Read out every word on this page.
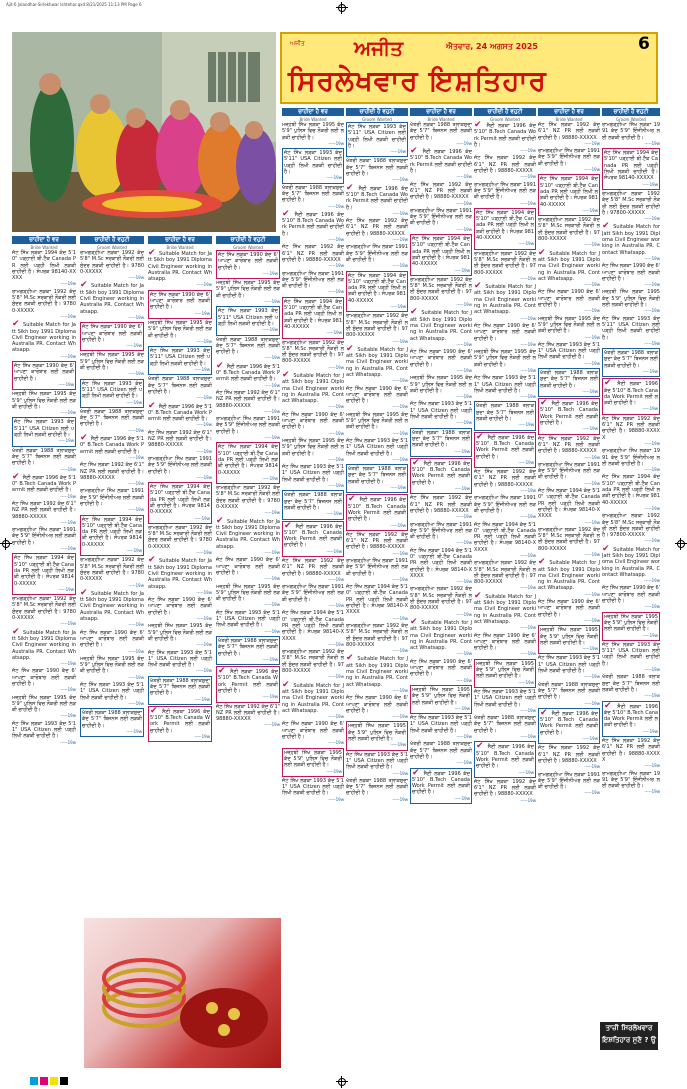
Ajit-6 Jalandhar-Sirlekhwar Ishtehar.qxd 8/21/2025 11:13 PM Page 6
ਅਜੀਤ ਅਜੀਤ	ਐਤਵਾਰ, 24 ਅਗਸਤ 2025	6
ਸਿਰਲੇਖਵਾਰ ਇਸ਼ਤਿਹਾਰ
ਚਾਹੀਦਾ ਹੈ ਵਰ
Bride Wanted
ਜੱਟ ਸਿੱਖ ਲੜਕਾ 1994 ਕੱਦ 5'10" ਪੜ੍ਹਾਈ ਬੀ.ਟੈੱਕ Canada PR ਲਈ ਪੜ੍ਹੀ ਲਿਖੀ ਲੜਕੀ ਚਾਹੀਦੀ ਹੈ। ਸੰਪਰਕ 98140-XXXXX
-----19w
ਰਾਮਗੜ੍ਹੀਆ ਲੜਕਾ 1992 ਕੱਦ 5'8" M.Sc ਸਰਕਾਰੀ ਨੌਕਰੀ ਲਈ ਸੁੰਦਰ ਲੜਕੀ ਚਾਹੀਦੀ ਹੈ। 97800-XXXXX
-----19w
✔ Suitable Match for Jatt Sikh boy 1991 Diploma Civil Engineer working in Australia PR. Contact Whatsapp.
-----19w
ਜੱਟ ਸਿੱਖ ਲੜਕਾ 1990 ਕੱਦ 6' ਆਪਣਾ ਕਾਰੋਬਾਰ ਲਈ ਲੜਕੀ ਚਾਹੀਦੀ ਹੈ।
-----19w
ਮਜ਼੍ਹਬੀ ਸਿੱਖ ਲੜਕਾ 1995 ਕੱਦ 5'9" ਪੁਲਿਸ ਵਿਚ ਨੌਕਰੀ ਲਈ ਲੜਕੀ ਚਾਹੀਦੀ ਹੈ।
-----19w
ਜੱਟ ਸਿੱਖ ਲੜਕਾ 1993 ਕੱਦ 5'11" USA Citizen ਲਈ ਪੜ੍ਹੀ ਲਿਖੀ ਲੜਕੀ ਚਾਹੀਦੀ ਹੈ।
-----19w
ਖੱਤਰੀ ਲੜਕਾ 1988 ਤਲਾਕਸ਼ੁਦਾ ਕੱਦ 5'7" ਬਿਜ਼ਨਸ ਲਈ ਲੜਕੀ ਚਾਹੀਦੀ ਹੈ।
-----19w
✔ ਸੈਣੀ ਲੜਕਾ 1996 ਕੱਦ 5'10" B.Tech Canada Work Permit ਲਈ ਲੜਕੀ ਚਾਹੀਦੀ ਹੈ।
-----19w
ਜੱਟ ਸਿੱਖ ਲੜਕਾ 1992 ਕੱਦ 6'1" NZ PR ਲਈ ਲੜਕੀ ਚਾਹੀਦੀ ਹੈ। 98880-XXXXX
-----19w
ਰਾਮਗੜ੍ਹੀਆ ਸਿੱਖ ਲੜਕਾ 1991 ਕੱਦ 5'9" ਇੰਜੀਨੀਅਰ ਲਈ ਲੜਕੀ ਚਾਹੀਦੀ ਹੈ।
-----19w
ਜੱਟ ਸਿੱਖ ਲੜਕਾ 1994 ਕੱਦ 5'10" ਪੜ੍ਹਾਈ ਬੀ.ਟੈੱਕ Canada PR ਲਈ ਪੜ੍ਹੀ ਲਿਖੀ ਲੜਕੀ ਚਾਹੀਦੀ ਹੈ। ਸੰਪਰਕ 98140-XXXXX
-----19w
ਰਾਮਗੜ੍ਹੀਆ ਲੜਕਾ 1992 ਕੱਦ 5'8" M.Sc ਸਰਕਾਰੀ ਨੌਕਰੀ ਲਈ ਸੁੰਦਰ ਲੜਕੀ ਚਾਹੀਦੀ ਹੈ। 97800-XXXXX
-----19w
✔ Suitable Match for Jatt Sikh boy 1991 Diploma Civil Engineer working in Australia PR. Contact Whatsapp.
-----19w
ਜੱਟ ਸਿੱਖ ਲੜਕਾ 1990 ਕੱਦ 6' ਆਪਣਾ ਕਾਰੋਬਾਰ ਲਈ ਲੜਕੀ ਚਾਹੀਦੀ ਹੈ।
-----19w
ਮਜ਼੍ਹਬੀ ਸਿੱਖ ਲੜਕਾ 1995 ਕੱਦ 5'9" ਪੁਲਿਸ ਵਿਚ ਨੌਕਰੀ ਲਈ ਲੜਕੀ ਚਾਹੀਦੀ ਹੈ।
-----19w
ਜੱਟ ਸਿੱਖ ਲੜਕਾ 1993 ਕੱਦ 5'11" USA Citizen ਲਈ ਪੜ੍ਹੀ ਲਿਖੀ ਲੜਕੀ ਚਾਹੀਦੀ ਹੈ।
-----19w
ਚਾਹੀਦੀ ਹੈ ਵਹੁਟੀ
Groom Wanted
ਰਾਮਗੜ੍ਹੀਆ ਲੜਕਾ 1992 ਕੱਦ 5'8" M.Sc ਸਰਕਾਰੀ ਨੌਕਰੀ ਲਈ ਸੁੰਦਰ ਲੜਕੀ ਚਾਹੀਦੀ ਹੈ। 97800-XXXXX
-----19w
✔ Suitable Match for Jatt Sikh boy 1991 Diploma Civil Engineer working in Australia PR. Contact Whatsapp.
-----19w
ਜੱਟ ਸਿੱਖ ਲੜਕਾ 1990 ਕੱਦ 6' ਆਪਣਾ ਕਾਰੋਬਾਰ ਲਈ ਲੜਕੀ ਚਾਹੀਦੀ ਹੈ।
-----19w
ਮਜ਼੍ਹਬੀ ਸਿੱਖ ਲੜਕਾ 1995 ਕੱਦ 5'9" ਪੁਲਿਸ ਵਿਚ ਨੌਕਰੀ ਲਈ ਲੜਕੀ ਚਾਹੀਦੀ ਹੈ।
-----19w
ਜੱਟ ਸਿੱਖ ਲੜਕਾ 1993 ਕੱਦ 5'11" USA Citizen ਲਈ ਪੜ੍ਹੀ ਲਿਖੀ ਲੜਕੀ ਚਾਹੀਦੀ ਹੈ।
-----19w
ਖੱਤਰੀ ਲੜਕਾ 1988 ਤਲਾਕਸ਼ੁਦਾ ਕੱਦ 5'7" ਬਿਜ਼ਨਸ ਲਈ ਲੜਕੀ ਚਾਹੀਦੀ ਹੈ।
-----19w
✔ ਸੈਣੀ ਲੜਕਾ 1996 ਕੱਦ 5'10" B.Tech Canada Work Permit ਲਈ ਲੜਕੀ ਚਾਹੀਦੀ ਹੈ।
-----19w
ਜੱਟ ਸਿੱਖ ਲੜਕਾ 1992 ਕੱਦ 6'1" NZ PR ਲਈ ਲੜਕੀ ਚਾਹੀਦੀ ਹੈ। 98880-XXXXX
-----19w
ਰਾਮਗੜ੍ਹੀਆ ਸਿੱਖ ਲੜਕਾ 1991 ਕੱਦ 5'9" ਇੰਜੀਨੀਅਰ ਲਈ ਲੜਕੀ ਚਾਹੀਦੀ ਹੈ।
-----19w
ਜੱਟ ਸਿੱਖ ਲੜਕਾ 1994 ਕੱਦ 5'10" ਪੜ੍ਹਾਈ ਬੀ.ਟੈੱਕ Canada PR ਲਈ ਪੜ੍ਹੀ ਲਿਖੀ ਲੜਕੀ ਚਾਹੀਦੀ ਹੈ। ਸੰਪਰਕ 98140-XXXXX
-----19w
ਰਾਮਗੜ੍ਹੀਆ ਲੜਕਾ 1992 ਕੱਦ 5'8" M.Sc ਸਰਕਾਰੀ ਨੌਕਰੀ ਲਈ ਸੁੰਦਰ ਲੜਕੀ ਚਾਹੀਦੀ ਹੈ। 97800-XXXXX
-----19w
✔ Suitable Match for Jatt Sikh boy 1991 Diploma Civil Engineer working in Australia PR. Contact Whatsapp.
-----19w
ਜੱਟ ਸਿੱਖ ਲੜਕਾ 1990 ਕੱਦ 6' ਆਪਣਾ ਕਾਰੋਬਾਰ ਲਈ ਲੜਕੀ ਚਾਹੀਦੀ ਹੈ।
-----19w
ਮਜ਼੍ਹਬੀ ਸਿੱਖ ਲੜਕਾ 1995 ਕੱਦ 5'9" ਪੁਲਿਸ ਵਿਚ ਨੌਕਰੀ ਲਈ ਲੜਕੀ ਚਾਹੀਦੀ ਹੈ।
-----19w
ਜੱਟ ਸਿੱਖ ਲੜਕਾ 1993 ਕੱਦ 5'11" USA Citizen ਲਈ ਪੜ੍ਹੀ ਲਿਖੀ ਲੜਕੀ ਚਾਹੀਦੀ ਹੈ।
-----19w
ਖੱਤਰੀ ਲੜਕਾ 1988 ਤਲਾਕਸ਼ੁਦਾ ਕੱਦ 5'7" ਬਿਜ਼ਨਸ ਲਈ ਲੜਕੀ ਚਾਹੀਦੀ ਹੈ।
-----19w
ਚਾਹੀਦਾ ਹੈ ਵਰ
Bride Wanted
✔ Suitable Match for Jatt Sikh boy 1991 Diploma Civil Engineer working in Australia PR. Contact Whatsapp.
-----19w
ਜੱਟ ਸਿੱਖ ਲੜਕਾ 1990 ਕੱਦ 6' ਆਪਣਾ ਕਾਰੋਬਾਰ ਲਈ ਲੜਕੀ ਚਾਹੀਦੀ ਹੈ।
-----19w
ਮਜ਼੍ਹਬੀ ਸਿੱਖ ਲੜਕਾ 1995 ਕੱਦ 5'9" ਪੁਲਿਸ ਵਿਚ ਨੌਕਰੀ ਲਈ ਲੜਕੀ ਚਾਹੀਦੀ ਹੈ।
-----19w
ਜੱਟ ਸਿੱਖ ਲੜਕਾ 1993 ਕੱਦ 5'11" USA Citizen ਲਈ ਪੜ੍ਹੀ ਲਿਖੀ ਲੜਕੀ ਚਾਹੀਦੀ ਹੈ।
-----19w
ਖੱਤਰੀ ਲੜਕਾ 1988 ਤਲਾਕਸ਼ੁਦਾ ਕੱਦ 5'7" ਬਿਜ਼ਨਸ ਲਈ ਲੜਕੀ ਚਾਹੀਦੀ ਹੈ।
-----19w
✔ ਸੈਣੀ ਲੜਕਾ 1996 ਕੱਦ 5'10" B.Tech Canada Work Permit ਲਈ ਲੜਕੀ ਚਾਹੀਦੀ ਹੈ।
-----19w
ਜੱਟ ਸਿੱਖ ਲੜਕਾ 1992 ਕੱਦ 6'1" NZ PR ਲਈ ਲੜਕੀ ਚਾਹੀਦੀ ਹੈ। 98880-XXXXX
-----19w
ਰਾਮਗੜ੍ਹੀਆ ਸਿੱਖ ਲੜਕਾ 1991 ਕੱਦ 5'9" ਇੰਜੀਨੀਅਰ ਲਈ ਲੜਕੀ ਚਾਹੀਦੀ ਹੈ।
-----19w
ਜੱਟ ਸਿੱਖ ਲੜਕਾ 1994 ਕੱਦ 5'10" ਪੜ੍ਹਾਈ ਬੀ.ਟੈੱਕ Canada PR ਲਈ ਪੜ੍ਹੀ ਲਿਖੀ ਲੜਕੀ ਚਾਹੀਦੀ ਹੈ। ਸੰਪਰਕ 98140-XXXXX
-----19w
ਰਾਮਗੜ੍ਹੀਆ ਲੜਕਾ 1992 ਕੱਦ 5'8" M.Sc ਸਰਕਾਰੀ ਨੌਕਰੀ ਲਈ ਸੁੰਦਰ ਲੜਕੀ ਚਾਹੀਦੀ ਹੈ। 97800-XXXXX
-----19w
✔ Suitable Match for Jatt Sikh boy 1991 Diploma Civil Engineer working in Australia PR. Contact Whatsapp.
-----19w
ਜੱਟ ਸਿੱਖ ਲੜਕਾ 1990 ਕੱਦ 6' ਆਪਣਾ ਕਾਰੋਬਾਰ ਲਈ ਲੜਕੀ ਚਾਹੀਦੀ ਹੈ।
-----19w
ਮਜ਼੍ਹਬੀ ਸਿੱਖ ਲੜਕਾ 1995 ਕੱਦ 5'9" ਪੁਲਿਸ ਵਿਚ ਨੌਕਰੀ ਲਈ ਲੜਕੀ ਚਾਹੀਦੀ ਹੈ।
-----19w
ਜੱਟ ਸਿੱਖ ਲੜਕਾ 1993 ਕੱਦ 5'11" USA Citizen ਲਈ ਪੜ੍ਹੀ ਲਿਖੀ ਲੜਕੀ ਚਾਹੀਦੀ ਹੈ।
-----19w
ਖੱਤਰੀ ਲੜਕਾ 1988 ਤਲਾਕਸ਼ੁਦਾ ਕੱਦ 5'7" ਬਿਜ਼ਨਸ ਲਈ ਲੜਕੀ ਚਾਹੀਦੀ ਹੈ।
-----19w
✔ ਸੈਣੀ ਲੜਕਾ 1996 ਕੱਦ 5'10" B.Tech Canada Work Permit ਲਈ ਲੜਕੀ ਚਾਹੀਦੀ ਹੈ।
-----19w
ਚਾਹੀਦੀ ਹੈ ਵਹੁਟੀ
Groom Wanted
ਜੱਟ ਸਿੱਖ ਲੜਕਾ 1990 ਕੱਦ 6' ਆਪਣਾ ਕਾਰੋਬਾਰ ਲਈ ਲੜਕੀ ਚਾਹੀਦੀ ਹੈ।
-----19w
ਮਜ਼੍ਹਬੀ ਸਿੱਖ ਲੜਕਾ 1995 ਕੱਦ 5'9" ਪੁਲਿਸ ਵਿਚ ਨੌਕਰੀ ਲਈ ਲੜਕੀ ਚਾਹੀਦੀ ਹੈ।
-----19w
ਜੱਟ ਸਿੱਖ ਲੜਕਾ 1993 ਕੱਦ 5'11" USA Citizen ਲਈ ਪੜ੍ਹੀ ਲਿਖੀ ਲੜਕੀ ਚਾਹੀਦੀ ਹੈ।
-----19w
ਖੱਤਰੀ ਲੜਕਾ 1988 ਤਲਾਕਸ਼ੁਦਾ ਕੱਦ 5'7" ਬਿਜ਼ਨਸ ਲਈ ਲੜਕੀ ਚਾਹੀਦੀ ਹੈ।
-----19w
✔ ਸੈਣੀ ਲੜਕਾ 1996 ਕੱਦ 5'10" B.Tech Canada Work Permit ਲਈ ਲੜਕੀ ਚਾਹੀਦੀ ਹੈ।
-----19w
ਜੱਟ ਸਿੱਖ ਲੜਕਾ 1992 ਕੱਦ 6'1" NZ PR ਲਈ ਲੜਕੀ ਚਾਹੀਦੀ ਹੈ। 98880-XXXXX
-----19w
ਰਾਮਗੜ੍ਹੀਆ ਸਿੱਖ ਲੜਕਾ 1991 ਕੱਦ 5'9" ਇੰਜੀਨੀਅਰ ਲਈ ਲੜਕੀ ਚਾਹੀਦੀ ਹੈ।
-----19w
ਜੱਟ ਸਿੱਖ ਲੜਕਾ 1994 ਕੱਦ 5'10" ਪੜ੍ਹਾਈ ਬੀ.ਟੈੱਕ Canada PR ਲਈ ਪੜ੍ਹੀ ਲਿਖੀ ਲੜਕੀ ਚਾਹੀਦੀ ਹੈ। ਸੰਪਰਕ 98140-XXXXX
-----19w
ਰਾਮਗੜ੍ਹੀਆ ਲੜਕਾ 1992 ਕੱਦ 5'8" M.Sc ਸਰਕਾਰੀ ਨੌਕਰੀ ਲਈ ਸੁੰਦਰ ਲੜਕੀ ਚਾਹੀਦੀ ਹੈ। 97800-XXXXX
-----19w
✔ Suitable Match for Jatt Sikh boy 1991 Diploma Civil Engineer working in Australia PR. Contact Whatsapp.
-----19w
ਜੱਟ ਸਿੱਖ ਲੜਕਾ 1990 ਕੱਦ 6' ਆਪਣਾ ਕਾਰੋਬਾਰ ਲਈ ਲੜਕੀ ਚਾਹੀਦੀ ਹੈ।
-----19w
ਮਜ਼੍ਹਬੀ ਸਿੱਖ ਲੜਕਾ 1995 ਕੱਦ 5'9" ਪੁਲਿਸ ਵਿਚ ਨੌਕਰੀ ਲਈ ਲੜਕੀ ਚਾਹੀਦੀ ਹੈ।
-----19w
ਜੱਟ ਸਿੱਖ ਲੜਕਾ 1993 ਕੱਦ 5'11" USA Citizen ਲਈ ਪੜ੍ਹੀ ਲਿਖੀ ਲੜਕੀ ਚਾਹੀਦੀ ਹੈ।
-----19w
ਖੱਤਰੀ ਲੜਕਾ 1988 ਤਲਾਕਸ਼ੁਦਾ ਕੱਦ 5'7" ਬਿਜ਼ਨਸ ਲਈ ਲੜਕੀ ਚਾਹੀਦੀ ਹੈ।
-----19w
✔ ਸੈਣੀ ਲੜਕਾ 1996 ਕੱਦ 5'10" B.Tech Canada Work Permit ਲਈ ਲੜਕੀ ਚਾਹੀਦੀ ਹੈ।
-----19w
ਜੱਟ ਸਿੱਖ ਲੜਕਾ 1992 ਕੱਦ 6'1" NZ PR ਲਈ ਲੜਕੀ ਚਾਹੀਦੀ ਹੈ। 98880-XXXXX
-----19w
ਚਾਹੀਦਾ ਹੈ ਵਰ
Bride Wanted
ਮਜ਼੍ਹਬੀ ਸਿੱਖ ਲੜਕਾ 1995 ਕੱਦ 5'9" ਪੁਲਿਸ ਵਿਚ ਨੌਕਰੀ ਲਈ ਲੜਕੀ ਚਾਹੀਦੀ ਹੈ।
-----19w
ਜੱਟ ਸਿੱਖ ਲੜਕਾ 1993 ਕੱਦ 5'11" USA Citizen ਲਈ ਪੜ੍ਹੀ ਲਿਖੀ ਲੜਕੀ ਚਾਹੀਦੀ ਹੈ।
-----19w
ਖੱਤਰੀ ਲੜਕਾ 1988 ਤਲਾਕਸ਼ੁਦਾ ਕੱਦ 5'7" ਬਿਜ਼ਨਸ ਲਈ ਲੜਕੀ ਚਾਹੀਦੀ ਹੈ।
-----19w
✔ ਸੈਣੀ ਲੜਕਾ 1996 ਕੱਦ 5'10" B.Tech Canada Work Permit ਲਈ ਲੜਕੀ ਚਾਹੀਦੀ ਹੈ।
-----19w
ਜੱਟ ਸਿੱਖ ਲੜਕਾ 1992 ਕੱਦ 6'1" NZ PR ਲਈ ਲੜਕੀ ਚਾਹੀਦੀ ਹੈ। 98880-XXXXX
-----19w
ਰਾਮਗੜ੍ਹੀਆ ਸਿੱਖ ਲੜਕਾ 1991 ਕੱਦ 5'9" ਇੰਜੀਨੀਅਰ ਲਈ ਲੜਕੀ ਚਾਹੀਦੀ ਹੈ।
-----19w
ਜੱਟ ਸਿੱਖ ਲੜਕਾ 1994 ਕੱਦ 5'10" ਪੜ੍ਹਾਈ ਬੀ.ਟੈੱਕ Canada PR ਲਈ ਪੜ੍ਹੀ ਲਿਖੀ ਲੜਕੀ ਚਾਹੀਦੀ ਹੈ। ਸੰਪਰਕ 98140-XXXXX
-----19w
ਰਾਮਗੜ੍ਹੀਆ ਲੜਕਾ 1992 ਕੱਦ 5'8" M.Sc ਸਰਕਾਰੀ ਨੌਕਰੀ ਲਈ ਸੁੰਦਰ ਲੜਕੀ ਚਾਹੀਦੀ ਹੈ। 97800-XXXXX
-----19w
✔ Suitable Match for Jatt Sikh boy 1991 Diploma Civil Engineer working in Australia PR. Contact Whatsapp.
-----19w
ਜੱਟ ਸਿੱਖ ਲੜਕਾ 1990 ਕੱਦ 6' ਆਪਣਾ ਕਾਰੋਬਾਰ ਲਈ ਲੜਕੀ ਚਾਹੀਦੀ ਹੈ।
-----19w
ਮਜ਼੍ਹਬੀ ਸਿੱਖ ਲੜਕਾ 1995 ਕੱਦ 5'9" ਪੁਲਿਸ ਵਿਚ ਨੌਕਰੀ ਲਈ ਲੜਕੀ ਚਾਹੀਦੀ ਹੈ।
-----19w
ਜੱਟ ਸਿੱਖ ਲੜਕਾ 1993 ਕੱਦ 5'11" USA Citizen ਲਈ ਪੜ੍ਹੀ ਲਿਖੀ ਲੜਕੀ ਚਾਹੀਦੀ ਹੈ।
-----19w
ਖੱਤਰੀ ਲੜਕਾ 1988 ਤਲਾਕਸ਼ੁਦਾ ਕੱਦ 5'7" ਬਿਜ਼ਨਸ ਲਈ ਲੜਕੀ ਚਾਹੀਦੀ ਹੈ।
-----19w
✔ ਸੈਣੀ ਲੜਕਾ 1996 ਕੱਦ 5'10" B.Tech Canada Work Permit ਲਈ ਲੜਕੀ ਚਾਹੀਦੀ ਹੈ।
-----19w
ਜੱਟ ਸਿੱਖ ਲੜਕਾ 1992 ਕੱਦ 6'1" NZ PR ਲਈ ਲੜਕੀ ਚਾਹੀਦੀ ਹੈ। 98880-XXXXX
-----19w
ਰਾਮਗੜ੍ਹੀਆ ਸਿੱਖ ਲੜਕਾ 1991 ਕੱਦ 5'9" ਇੰਜੀਨੀਅਰ ਲਈ ਲੜਕੀ ਚਾਹੀਦੀ ਹੈ।
-----19w
ਜੱਟ ਸਿੱਖ ਲੜਕਾ 1994 ਕੱਦ 5'10" ਪੜ੍ਹਾਈ ਬੀ.ਟੈੱਕ Canada PR ਲਈ ਪੜ੍ਹੀ ਲਿਖੀ ਲੜਕੀ ਚਾਹੀਦੀ ਹੈ। ਸੰਪਰਕ 98140-XXXXX
-----19w
ਰਾਮਗੜ੍ਹੀਆ ਲੜਕਾ 1992 ਕੱਦ 5'8" M.Sc ਸਰਕਾਰੀ ਨੌਕਰੀ ਲਈ ਸੁੰਦਰ ਲੜਕੀ ਚਾਹੀਦੀ ਹੈ। 97800-XXXXX
-----19w
✔ Suitable Match for Jatt Sikh boy 1991 Diploma Civil Engineer working in Australia PR. Contact Whatsapp.
-----19w
ਜੱਟ ਸਿੱਖ ਲੜਕਾ 1990 ਕੱਦ 6' ਆਪਣਾ ਕਾਰੋਬਾਰ ਲਈ ਲੜਕੀ ਚਾਹੀਦੀ ਹੈ।
-----19w
ਮਜ਼੍ਹਬੀ ਸਿੱਖ ਲੜਕਾ 1995 ਕੱਦ 5'9" ਪੁਲਿਸ ਵਿਚ ਨੌਕਰੀ ਲਈ ਲੜਕੀ ਚਾਹੀਦੀ ਹੈ।
-----19w
ਜੱਟ ਸਿੱਖ ਲੜਕਾ 1993 ਕੱਦ 5'11" USA Citizen ਲਈ ਪੜ੍ਹੀ ਲਿਖੀ ਲੜਕੀ ਚਾਹੀਦੀ ਹੈ।
-----19w
ਚਾਹੀਦੀ ਹੈ ਵਹੁਟੀ
Groom Wanted
ਜੱਟ ਸਿੱਖ ਲੜਕਾ 1993 ਕੱਦ 5'11" USA Citizen ਲਈ ਪੜ੍ਹੀ ਲਿਖੀ ਲੜਕੀ ਚਾਹੀਦੀ ਹੈ।
-----19w
ਖੱਤਰੀ ਲੜਕਾ 1988 ਤਲਾਕਸ਼ੁਦਾ ਕੱਦ 5'7" ਬਿਜ਼ਨਸ ਲਈ ਲੜਕੀ ਚਾਹੀਦੀ ਹੈ।
-----19w
✔ ਸੈਣੀ ਲੜਕਾ 1996 ਕੱਦ 5'10" B.Tech Canada Work Permit ਲਈ ਲੜਕੀ ਚਾਹੀਦੀ ਹੈ।
-----19w
ਜੱਟ ਸਿੱਖ ਲੜਕਾ 1992 ਕੱਦ 6'1" NZ PR ਲਈ ਲੜਕੀ ਚਾਹੀਦੀ ਹੈ। 98880-XXXXX
-----19w
ਰਾਮਗੜ੍ਹੀਆ ਸਿੱਖ ਲੜਕਾ 1991 ਕੱਦ 5'9" ਇੰਜੀਨੀਅਰ ਲਈ ਲੜਕੀ ਚਾਹੀਦੀ ਹੈ।
-----19w
ਜੱਟ ਸਿੱਖ ਲੜਕਾ 1994 ਕੱਦ 5'10" ਪੜ੍ਹਾਈ ਬੀ.ਟੈੱਕ Canada PR ਲਈ ਪੜ੍ਹੀ ਲਿਖੀ ਲੜਕੀ ਚਾਹੀਦੀ ਹੈ। ਸੰਪਰਕ 98140-XXXXX
-----19w
ਰਾਮਗੜ੍ਹੀਆ ਲੜਕਾ 1992 ਕੱਦ 5'8" M.Sc ਸਰਕਾਰੀ ਨੌਕਰੀ ਲਈ ਸੁੰਦਰ ਲੜਕੀ ਚਾਹੀਦੀ ਹੈ। 97800-XXXXX
-----19w
✔ Suitable Match for Jatt Sikh boy 1991 Diploma Civil Engineer working in Australia PR. Contact Whatsapp.
-----19w
ਜੱਟ ਸਿੱਖ ਲੜਕਾ 1990 ਕੱਦ 6' ਆਪਣਾ ਕਾਰੋਬਾਰ ਲਈ ਲੜਕੀ ਚਾਹੀਦੀ ਹੈ।
-----19w
ਮਜ਼੍ਹਬੀ ਸਿੱਖ ਲੜਕਾ 1995 ਕੱਦ 5'9" ਪੁਲਿਸ ਵਿਚ ਨੌਕਰੀ ਲਈ ਲੜਕੀ ਚਾਹੀਦੀ ਹੈ।
-----19w
ਜੱਟ ਸਿੱਖ ਲੜਕਾ 1993 ਕੱਦ 5'11" USA Citizen ਲਈ ਪੜ੍ਹੀ ਲਿਖੀ ਲੜਕੀ ਚਾਹੀਦੀ ਹੈ।
-----19w
ਖੱਤਰੀ ਲੜਕਾ 1988 ਤਲਾਕਸ਼ੁਦਾ ਕੱਦ 5'7" ਬਿਜ਼ਨਸ ਲਈ ਲੜਕੀ ਚਾਹੀਦੀ ਹੈ।
-----19w
✔ ਸੈਣੀ ਲੜਕਾ 1996 ਕੱਦ 5'10" B.Tech Canada Work Permit ਲਈ ਲੜਕੀ ਚਾਹੀਦੀ ਹੈ।
-----19w
ਜੱਟ ਸਿੱਖ ਲੜਕਾ 1992 ਕੱਦ 6'1" NZ PR ਲਈ ਲੜਕੀ ਚਾਹੀਦੀ ਹੈ। 98880-XXXXX
-----19w
ਰਾਮਗੜ੍ਹੀਆ ਸਿੱਖ ਲੜਕਾ 1991 ਕੱਦ 5'9" ਇੰਜੀਨੀਅਰ ਲਈ ਲੜਕੀ ਚਾਹੀਦੀ ਹੈ।
-----19w
ਜੱਟ ਸਿੱਖ ਲੜਕਾ 1994 ਕੱਦ 5'10" ਪੜ੍ਹਾਈ ਬੀ.ਟੈੱਕ Canada PR ਲਈ ਪੜ੍ਹੀ ਲਿਖੀ ਲੜਕੀ ਚਾਹੀਦੀ ਹੈ। ਸੰਪਰਕ 98140-XXXXX
-----19w
ਰਾਮਗੜ੍ਹੀਆ ਲੜਕਾ 1992 ਕੱਦ 5'8" M.Sc ਸਰਕਾਰੀ ਨੌਕਰੀ ਲਈ ਸੁੰਦਰ ਲੜਕੀ ਚਾਹੀਦੀ ਹੈ। 97800-XXXXX
-----19w
✔ Suitable Match for Jatt Sikh boy 1991 Diploma Civil Engineer working in Australia PR. Contact Whatsapp.
-----19w
ਜੱਟ ਸਿੱਖ ਲੜਕਾ 1990 ਕੱਦ 6' ਆਪਣਾ ਕਾਰੋਬਾਰ ਲਈ ਲੜਕੀ ਚਾਹੀਦੀ ਹੈ।
-----19w
ਮਜ਼੍ਹਬੀ ਸਿੱਖ ਲੜਕਾ 1995 ਕੱਦ 5'9" ਪੁਲਿਸ ਵਿਚ ਨੌਕਰੀ ਲਈ ਲੜਕੀ ਚਾਹੀਦੀ ਹੈ।
-----19w
ਜੱਟ ਸਿੱਖ ਲੜਕਾ 1993 ਕੱਦ 5'11" USA Citizen ਲਈ ਪੜ੍ਹੀ ਲਿਖੀ ਲੜਕੀ ਚਾਹੀਦੀ ਹੈ।
-----19w
ਖੱਤਰੀ ਲੜਕਾ 1988 ਤਲਾਕਸ਼ੁਦਾ ਕੱਦ 5'7" ਬਿਜ਼ਨਸ ਲਈ ਲੜਕੀ ਚਾਹੀਦੀ ਹੈ।
-----19w
ਚਾਹੀਦਾ ਹੈ ਵਰ
Bride Wanted
ਖੱਤਰੀ ਲੜਕਾ 1988 ਤਲਾਕਸ਼ੁਦਾ ਕੱਦ 5'7" ਬਿਜ਼ਨਸ ਲਈ ਲੜਕੀ ਚਾਹੀਦੀ ਹੈ।
-----19w
✔ ਸੈਣੀ ਲੜਕਾ 1996 ਕੱਦ 5'10" B.Tech Canada Work Permit ਲਈ ਲੜਕੀ ਚਾਹੀਦੀ ਹੈ।
-----19w
ਜੱਟ ਸਿੱਖ ਲੜਕਾ 1992 ਕੱਦ 6'1" NZ PR ਲਈ ਲੜਕੀ ਚਾਹੀਦੀ ਹੈ। 98880-XXXXX
-----19w
ਰਾਮਗੜ੍ਹੀਆ ਸਿੱਖ ਲੜਕਾ 1991 ਕੱਦ 5'9" ਇੰਜੀਨੀਅਰ ਲਈ ਲੜਕੀ ਚਾਹੀਦੀ ਹੈ।
-----19w
ਜੱਟ ਸਿੱਖ ਲੜਕਾ 1994 ਕੱਦ 5'10" ਪੜ੍ਹਾਈ ਬੀ.ਟੈੱਕ Canada PR ਲਈ ਪੜ੍ਹੀ ਲਿਖੀ ਲੜਕੀ ਚਾਹੀਦੀ ਹੈ। ਸੰਪਰਕ 98140-XXXXX
-----19w
ਰਾਮਗੜ੍ਹੀਆ ਲੜਕਾ 1992 ਕੱਦ 5'8" M.Sc ਸਰਕਾਰੀ ਨੌਕਰੀ ਲਈ ਸੁੰਦਰ ਲੜਕੀ ਚਾਹੀਦੀ ਹੈ। 97800-XXXXX
-----19w
✔ Suitable Match for Jatt Sikh boy 1991 Diploma Civil Engineer working in Australia PR. Contact Whatsapp.
-----19w
ਜੱਟ ਸਿੱਖ ਲੜਕਾ 1990 ਕੱਦ 6' ਆਪਣਾ ਕਾਰੋਬਾਰ ਲਈ ਲੜਕੀ ਚਾਹੀਦੀ ਹੈ।
-----19w
ਮਜ਼੍ਹਬੀ ਸਿੱਖ ਲੜਕਾ 1995 ਕੱਦ 5'9" ਪੁਲਿਸ ਵਿਚ ਨੌਕਰੀ ਲਈ ਲੜਕੀ ਚਾਹੀਦੀ ਹੈ।
-----19w
ਜੱਟ ਸਿੱਖ ਲੜਕਾ 1993 ਕੱਦ 5'11" USA Citizen ਲਈ ਪੜ੍ਹੀ ਲਿਖੀ ਲੜਕੀ ਚਾਹੀਦੀ ਹੈ।
-----19w
ਖੱਤਰੀ ਲੜਕਾ 1988 ਤਲਾਕਸ਼ੁਦਾ ਕੱਦ 5'7" ਬਿਜ਼ਨਸ ਲਈ ਲੜਕੀ ਚਾਹੀਦੀ ਹੈ।
-----19w
✔ ਸੈਣੀ ਲੜਕਾ 1996 ਕੱਦ 5'10" B.Tech Canada Work Permit ਲਈ ਲੜਕੀ ਚਾਹੀਦੀ ਹੈ।
-----19w
ਜੱਟ ਸਿੱਖ ਲੜਕਾ 1992 ਕੱਦ 6'1" NZ PR ਲਈ ਲੜਕੀ ਚਾਹੀਦੀ ਹੈ। 98880-XXXXX
-----19w
ਰਾਮਗੜ੍ਹੀਆ ਸਿੱਖ ਲੜਕਾ 1991 ਕੱਦ 5'9" ਇੰਜੀਨੀਅਰ ਲਈ ਲੜਕੀ ਚਾਹੀਦੀ ਹੈ।
-----19w
ਜੱਟ ਸਿੱਖ ਲੜਕਾ 1994 ਕੱਦ 5'10" ਪੜ੍ਹਾਈ ਬੀ.ਟੈੱਕ Canada PR ਲਈ ਪੜ੍ਹੀ ਲਿਖੀ ਲੜਕੀ ਚਾਹੀਦੀ ਹੈ। ਸੰਪਰਕ 98140-XXXXX
-----19w
ਰਾਮਗੜ੍ਹੀਆ ਲੜਕਾ 1992 ਕੱਦ 5'8" M.Sc ਸਰਕਾਰੀ ਨੌਕਰੀ ਲਈ ਸੁੰਦਰ ਲੜਕੀ ਚਾਹੀਦੀ ਹੈ। 97800-XXXXX
-----19w
✔ Suitable Match for Jatt Sikh boy 1991 Diploma Civil Engineer working in Australia PR. Contact Whatsapp.
-----19w
ਜੱਟ ਸਿੱਖ ਲੜਕਾ 1990 ਕੱਦ 6' ਆਪਣਾ ਕਾਰੋਬਾਰ ਲਈ ਲੜਕੀ ਚਾਹੀਦੀ ਹੈ।
-----19w
ਮਜ਼੍ਹਬੀ ਸਿੱਖ ਲੜਕਾ 1995 ਕੱਦ 5'9" ਪੁਲਿਸ ਵਿਚ ਨੌਕਰੀ ਲਈ ਲੜਕੀ ਚਾਹੀਦੀ ਹੈ।
-----19w
ਜੱਟ ਸਿੱਖ ਲੜਕਾ 1993 ਕੱਦ 5'11" USA Citizen ਲਈ ਪੜ੍ਹੀ ਲਿਖੀ ਲੜਕੀ ਚਾਹੀਦੀ ਹੈ।
-----19w
ਖੱਤਰੀ ਲੜਕਾ 1988 ਤਲਾਕਸ਼ੁਦਾ ਕੱਦ 5'7" ਬਿਜ਼ਨਸ ਲਈ ਲੜਕੀ ਚਾਹੀਦੀ ਹੈ।
-----19w
✔ ਸੈਣੀ ਲੜਕਾ 1996 ਕੱਦ 5'10" B.Tech Canada Work Permit ਲਈ ਲੜਕੀ ਚਾਹੀਦੀ ਹੈ।
-----19w
ਚਾਹੀਦੀ ਹੈ ਵਹੁਟੀ
Groom Wanted
✔ ਸੈਣੀ ਲੜਕਾ 1996 ਕੱਦ 5'10" B.Tech Canada Work Permit ਲਈ ਲੜਕੀ ਚਾਹੀਦੀ ਹੈ।
-----19w
ਜੱਟ ਸਿੱਖ ਲੜਕਾ 1992 ਕੱਦ 6'1" NZ PR ਲਈ ਲੜਕੀ ਚਾਹੀਦੀ ਹੈ। 98880-XXXXX
-----19w
ਰਾਮਗੜ੍ਹੀਆ ਸਿੱਖ ਲੜਕਾ 1991 ਕੱਦ 5'9" ਇੰਜੀਨੀਅਰ ਲਈ ਲੜਕੀ ਚਾਹੀਦੀ ਹੈ।
-----19w
ਜੱਟ ਸਿੱਖ ਲੜਕਾ 1994 ਕੱਦ 5'10" ਪੜ੍ਹਾਈ ਬੀ.ਟੈੱਕ Canada PR ਲਈ ਪੜ੍ਹੀ ਲਿਖੀ ਲੜਕੀ ਚਾਹੀਦੀ ਹੈ। ਸੰਪਰਕ 98140-XXXXX
-----19w
ਰਾਮਗੜ੍ਹੀਆ ਲੜਕਾ 1992 ਕੱਦ 5'8" M.Sc ਸਰਕਾਰੀ ਨੌਕਰੀ ਲਈ ਸੁੰਦਰ ਲੜਕੀ ਚਾਹੀਦੀ ਹੈ। 97800-XXXXX
-----19w
✔ Suitable Match for Jatt Sikh boy 1991 Diploma Civil Engineer working in Australia PR. Contact Whatsapp.
-----19w
ਜੱਟ ਸਿੱਖ ਲੜਕਾ 1990 ਕੱਦ 6' ਆਪਣਾ ਕਾਰੋਬਾਰ ਲਈ ਲੜਕੀ ਚਾਹੀਦੀ ਹੈ।
-----19w
ਮਜ਼੍ਹਬੀ ਸਿੱਖ ਲੜਕਾ 1995 ਕੱਦ 5'9" ਪੁਲਿਸ ਵਿਚ ਨੌਕਰੀ ਲਈ ਲੜਕੀ ਚਾਹੀਦੀ ਹੈ।
-----19w
ਜੱਟ ਸਿੱਖ ਲੜਕਾ 1993 ਕੱਦ 5'11" USA Citizen ਲਈ ਪੜ੍ਹੀ ਲਿਖੀ ਲੜਕੀ ਚਾਹੀਦੀ ਹੈ।
-----19w
ਖੱਤਰੀ ਲੜਕਾ 1988 ਤਲਾਕਸ਼ੁਦਾ ਕੱਦ 5'7" ਬਿਜ਼ਨਸ ਲਈ ਲੜਕੀ ਚਾਹੀਦੀ ਹੈ।
-----19w
✔ ਸੈਣੀ ਲੜਕਾ 1996 ਕੱਦ 5'10" B.Tech Canada Work Permit ਲਈ ਲੜਕੀ ਚਾਹੀਦੀ ਹੈ।
-----19w
ਜੱਟ ਸਿੱਖ ਲੜਕਾ 1992 ਕੱਦ 6'1" NZ PR ਲਈ ਲੜਕੀ ਚਾਹੀਦੀ ਹੈ। 98880-XXXXX
-----19w
ਰਾਮਗੜ੍ਹੀਆ ਸਿੱਖ ਲੜਕਾ 1991 ਕੱਦ 5'9" ਇੰਜੀਨੀਅਰ ਲਈ ਲੜਕੀ ਚਾਹੀਦੀ ਹੈ।
-----19w
ਜੱਟ ਸਿੱਖ ਲੜਕਾ 1994 ਕੱਦ 5'10" ਪੜ੍ਹਾਈ ਬੀ.ਟੈੱਕ Canada PR ਲਈ ਪੜ੍ਹੀ ਲਿਖੀ ਲੜਕੀ ਚਾਹੀਦੀ ਹੈ। ਸੰਪਰਕ 98140-XXXXX
-----19w
ਰਾਮਗੜ੍ਹੀਆ ਲੜਕਾ 1992 ਕੱਦ 5'8" M.Sc ਸਰਕਾਰੀ ਨੌਕਰੀ ਲਈ ਸੁੰਦਰ ਲੜਕੀ ਚਾਹੀਦੀ ਹੈ। 97800-XXXXX
-----19w
✔ Suitable Match for Jatt Sikh boy 1991 Diploma Civil Engineer working in Australia PR. Contact Whatsapp.
-----19w
ਜੱਟ ਸਿੱਖ ਲੜਕਾ 1990 ਕੱਦ 6' ਆਪਣਾ ਕਾਰੋਬਾਰ ਲਈ ਲੜਕੀ ਚਾਹੀਦੀ ਹੈ।
-----19w
ਮਜ਼੍ਹਬੀ ਸਿੱਖ ਲੜਕਾ 1995 ਕੱਦ 5'9" ਪੁਲਿਸ ਵਿਚ ਨੌਕਰੀ ਲਈ ਲੜਕੀ ਚਾਹੀਦੀ ਹੈ।
-----19w
ਜੱਟ ਸਿੱਖ ਲੜਕਾ 1993 ਕੱਦ 5'11" USA Citizen ਲਈ ਪੜ੍ਹੀ ਲਿਖੀ ਲੜਕੀ ਚਾਹੀਦੀ ਹੈ।
-----19w
ਖੱਤਰੀ ਲੜਕਾ 1988 ਤਲਾਕਸ਼ੁਦਾ ਕੱਦ 5'7" ਬਿਜ਼ਨਸ ਲਈ ਲੜਕੀ ਚਾਹੀਦੀ ਹੈ।
-----19w
✔ ਸੈਣੀ ਲੜਕਾ 1996 ਕੱਦ 5'10" B.Tech Canada Work Permit ਲਈ ਲੜਕੀ ਚਾਹੀਦੀ ਹੈ।
-----19w
ਜੱਟ ਸਿੱਖ ਲੜਕਾ 1992 ਕੱਦ 6'1" NZ PR ਲਈ ਲੜਕੀ ਚਾਹੀਦੀ ਹੈ। 98880-XXXXX
-----19w
ਚਾਹੀਦਾ ਹੈ ਵਰ
Bride Wanted
ਜੱਟ ਸਿੱਖ ਲੜਕਾ 1992 ਕੱਦ 6'1" NZ PR ਲਈ ਲੜਕੀ ਚਾਹੀਦੀ ਹੈ। 98880-XXXXX
-----19w
ਰਾਮਗੜ੍ਹੀਆ ਸਿੱਖ ਲੜਕਾ 1991 ਕੱਦ 5'9" ਇੰਜੀਨੀਅਰ ਲਈ ਲੜਕੀ ਚਾਹੀਦੀ ਹੈ।
-----19w
ਜੱਟ ਸਿੱਖ ਲੜਕਾ 1994 ਕੱਦ 5'10" ਪੜ੍ਹਾਈ ਬੀ.ਟੈੱਕ Canada PR ਲਈ ਪੜ੍ਹੀ ਲਿਖੀ ਲੜਕੀ ਚਾਹੀਦੀ ਹੈ। ਸੰਪਰਕ 98140-XXXXX
-----19w
ਰਾਮਗੜ੍ਹੀਆ ਲੜਕਾ 1992 ਕੱਦ 5'8" M.Sc ਸਰਕਾਰੀ ਨੌਕਰੀ ਲਈ ਸੁੰਦਰ ਲੜਕੀ ਚਾਹੀਦੀ ਹੈ। 97800-XXXXX
-----19w
✔ Suitable Match for Jatt Sikh boy 1991 Diploma Civil Engineer working in Australia PR. Contact Whatsapp.
-----19w
ਜੱਟ ਸਿੱਖ ਲੜਕਾ 1990 ਕੱਦ 6' ਆਪਣਾ ਕਾਰੋਬਾਰ ਲਈ ਲੜਕੀ ਚਾਹੀਦੀ ਹੈ।
-----19w
ਮਜ਼੍ਹਬੀ ਸਿੱਖ ਲੜਕਾ 1995 ਕੱਦ 5'9" ਪੁਲਿਸ ਵਿਚ ਨੌਕਰੀ ਲਈ ਲੜਕੀ ਚਾਹੀਦੀ ਹੈ।
-----19w
ਜੱਟ ਸਿੱਖ ਲੜਕਾ 1993 ਕੱਦ 5'11" USA Citizen ਲਈ ਪੜ੍ਹੀ ਲਿਖੀ ਲੜਕੀ ਚਾਹੀਦੀ ਹੈ।
-----19w
ਖੱਤਰੀ ਲੜਕਾ 1988 ਤਲਾਕਸ਼ੁਦਾ ਕੱਦ 5'7" ਬਿਜ਼ਨਸ ਲਈ ਲੜਕੀ ਚਾਹੀਦੀ ਹੈ।
-----19w
✔ ਸੈਣੀ ਲੜਕਾ 1996 ਕੱਦ 5'10" B.Tech Canada Work Permit ਲਈ ਲੜਕੀ ਚਾਹੀਦੀ ਹੈ।
-----19w
ਜੱਟ ਸਿੱਖ ਲੜਕਾ 1992 ਕੱਦ 6'1" NZ PR ਲਈ ਲੜਕੀ ਚਾਹੀਦੀ ਹੈ। 98880-XXXXX
-----19w
ਰਾਮਗੜ੍ਹੀਆ ਸਿੱਖ ਲੜਕਾ 1991 ਕੱਦ 5'9" ਇੰਜੀਨੀਅਰ ਲਈ ਲੜਕੀ ਚਾਹੀਦੀ ਹੈ।
-----19w
ਜੱਟ ਸਿੱਖ ਲੜਕਾ 1994 ਕੱਦ 5'10" ਪੜ੍ਹਾਈ ਬੀ.ਟੈੱਕ Canada PR ਲਈ ਪੜ੍ਹੀ ਲਿਖੀ ਲੜਕੀ ਚਾਹੀਦੀ ਹੈ। ਸੰਪਰਕ 98140-XXXXX
-----19w
ਰਾਮਗੜ੍ਹੀਆ ਲੜਕਾ 1992 ਕੱਦ 5'8" M.Sc ਸਰਕਾਰੀ ਨੌਕਰੀ ਲਈ ਸੁੰਦਰ ਲੜਕੀ ਚਾਹੀਦੀ ਹੈ। 97800-XXXXX
-----19w
✔ Suitable Match for Jatt Sikh boy 1991 Diploma Civil Engineer working in Australia PR. Contact Whatsapp.
-----19w
ਜੱਟ ਸਿੱਖ ਲੜਕਾ 1990 ਕੱਦ 6' ਆਪਣਾ ਕਾਰੋਬਾਰ ਲਈ ਲੜਕੀ ਚਾਹੀਦੀ ਹੈ।
-----19w
ਮਜ਼੍ਹਬੀ ਸਿੱਖ ਲੜਕਾ 1995 ਕੱਦ 5'9" ਪੁਲਿਸ ਵਿਚ ਨੌਕਰੀ ਲਈ ਲੜਕੀ ਚਾਹੀਦੀ ਹੈ।
-----19w
ਜੱਟ ਸਿੱਖ ਲੜਕਾ 1993 ਕੱਦ 5'11" USA Citizen ਲਈ ਪੜ੍ਹੀ ਲਿਖੀ ਲੜਕੀ ਚਾਹੀਦੀ ਹੈ।
-----19w
ਖੱਤਰੀ ਲੜਕਾ 1988 ਤਲਾਕਸ਼ੁਦਾ ਕੱਦ 5'7" ਬਿਜ਼ਨਸ ਲਈ ਲੜਕੀ ਚਾਹੀਦੀ ਹੈ।
-----19w
✔ ਸੈਣੀ ਲੜਕਾ 1996 ਕੱਦ 5'10" B.Tech Canada Work Permit ਲਈ ਲੜਕੀ ਚਾਹੀਦੀ ਹੈ।
-----19w
ਜੱਟ ਸਿੱਖ ਲੜਕਾ 1992 ਕੱਦ 6'1" NZ PR ਲਈ ਲੜਕੀ ਚਾਹੀਦੀ ਹੈ। 98880-XXXXX
-----19w
ਰਾਮਗੜ੍ਹੀਆ ਸਿੱਖ ਲੜਕਾ 1991 ਕੱਦ 5'9" ਇੰਜੀਨੀਅਰ ਲਈ ਲੜਕੀ ਚਾਹੀਦੀ ਹੈ।
-----19w
ਚਾਹੀਦੀ ਹੈ ਵਹੁਟੀ
Groom Wanted
ਰਾਮਗੜ੍ਹੀਆ ਸਿੱਖ ਲੜਕਾ 1991 ਕੱਦ 5'9" ਇੰਜੀਨੀਅਰ ਲਈ ਲੜਕੀ ਚਾਹੀਦੀ ਹੈ।
-----19w
ਜੱਟ ਸਿੱਖ ਲੜਕਾ 1994 ਕੱਦ 5'10" ਪੜ੍ਹਾਈ ਬੀ.ਟੈੱਕ Canada PR ਲਈ ਪੜ੍ਹੀ ਲਿਖੀ ਲੜਕੀ ਚਾਹੀਦੀ ਹੈ। ਸੰਪਰਕ 98140-XXXXX
-----19w
ਰਾਮਗੜ੍ਹੀਆ ਲੜਕਾ 1992 ਕੱਦ 5'8" M.Sc ਸਰਕਾਰੀ ਨੌਕਰੀ ਲਈ ਸੁੰਦਰ ਲੜਕੀ ਚਾਹੀਦੀ ਹੈ। 97800-XXXXX
-----19w
✔ Suitable Match for Jatt Sikh boy 1991 Diploma Civil Engineer working in Australia PR. Contact Whatsapp.
-----19w
ਜੱਟ ਸਿੱਖ ਲੜਕਾ 1990 ਕੱਦ 6' ਆਪਣਾ ਕਾਰੋਬਾਰ ਲਈ ਲੜਕੀ ਚਾਹੀਦੀ ਹੈ।
-----19w
ਮਜ਼੍ਹਬੀ ਸਿੱਖ ਲੜਕਾ 1995 ਕੱਦ 5'9" ਪੁਲਿਸ ਵਿਚ ਨੌਕਰੀ ਲਈ ਲੜਕੀ ਚਾਹੀਦੀ ਹੈ।
-----19w
ਜੱਟ ਸਿੱਖ ਲੜਕਾ 1993 ਕੱਦ 5'11" USA Citizen ਲਈ ਪੜ੍ਹੀ ਲਿਖੀ ਲੜਕੀ ਚਾਹੀਦੀ ਹੈ।
-----19w
ਖੱਤਰੀ ਲੜਕਾ 1988 ਤਲਾਕਸ਼ੁਦਾ ਕੱਦ 5'7" ਬਿਜ਼ਨਸ ਲਈ ਲੜਕੀ ਚਾਹੀਦੀ ਹੈ।
-----19w
✔ ਸੈਣੀ ਲੜਕਾ 1996 ਕੱਦ 5'10" B.Tech Canada Work Permit ਲਈ ਲੜਕੀ ਚਾਹੀਦੀ ਹੈ।
-----19w
ਜੱਟ ਸਿੱਖ ਲੜਕਾ 1992 ਕੱਦ 6'1" NZ PR ਲਈ ਲੜਕੀ ਚਾਹੀਦੀ ਹੈ। 98880-XXXXX
-----19w
ਰਾਮਗੜ੍ਹੀਆ ਸਿੱਖ ਲੜਕਾ 1991 ਕੱਦ 5'9" ਇੰਜੀਨੀਅਰ ਲਈ ਲੜਕੀ ਚਾਹੀਦੀ ਹੈ।
-----19w
ਜੱਟ ਸਿੱਖ ਲੜਕਾ 1994 ਕੱਦ 5'10" ਪੜ੍ਹਾਈ ਬੀ.ਟੈੱਕ Canada PR ਲਈ ਪੜ੍ਹੀ ਲਿਖੀ ਲੜਕੀ ਚਾਹੀਦੀ ਹੈ। ਸੰਪਰਕ 98140-XXXXX
-----19w
ਰਾਮਗੜ੍ਹੀਆ ਲੜਕਾ 1992 ਕੱਦ 5'8" M.Sc ਸਰਕਾਰੀ ਨੌਕਰੀ ਲਈ ਸੁੰਦਰ ਲੜਕੀ ਚਾਹੀਦੀ ਹੈ। 97800-XXXXX
-----19w
✔ Suitable Match for Jatt Sikh boy 1991 Diploma Civil Engineer working in Australia PR. Contact Whatsapp.
-----19w
ਜੱਟ ਸਿੱਖ ਲੜਕਾ 1990 ਕੱਦ 6' ਆਪਣਾ ਕਾਰੋਬਾਰ ਲਈ ਲੜਕੀ ਚਾਹੀਦੀ ਹੈ।
-----19w
ਮਜ਼੍ਹਬੀ ਸਿੱਖ ਲੜਕਾ 1995 ਕੱਦ 5'9" ਪੁਲਿਸ ਵਿਚ ਨੌਕਰੀ ਲਈ ਲੜਕੀ ਚਾਹੀਦੀ ਹੈ।
-----19w
ਜੱਟ ਸਿੱਖ ਲੜਕਾ 1993 ਕੱਦ 5'11" USA Citizen ਲਈ ਪੜ੍ਹੀ ਲਿਖੀ ਲੜਕੀ ਚਾਹੀਦੀ ਹੈ।
-----19w
ਖੱਤਰੀ ਲੜਕਾ 1988 ਤਲਾਕਸ਼ੁਦਾ ਕੱਦ 5'7" ਬਿਜ਼ਨਸ ਲਈ ਲੜਕੀ ਚਾਹੀਦੀ ਹੈ।
-----19w
✔ ਸੈਣੀ ਲੜਕਾ 1996 ਕੱਦ 5'10" B.Tech Canada Work Permit ਲਈ ਲੜਕੀ ਚਾਹੀਦੀ ਹੈ।
-----19w
ਜੱਟ ਸਿੱਖ ਲੜਕਾ 1992 ਕੱਦ 6'1" NZ PR ਲਈ ਲੜਕੀ ਚਾਹੀਦੀ ਹੈ। 98880-XXXXX
-----19w
ਰਾਮਗੜ੍ਹੀਆ ਸਿੱਖ ਲੜਕਾ 1991 ਕੱਦ 5'9" ਇੰਜੀਨੀਅਰ ਲਈ ਲੜਕੀ ਚਾਹੀਦੀ ਹੈ।
-----19w
ਤਾਜ਼ੀ ਸਿਰਲੇਖਵਾਰ
ਇਸ਼ਤਿਹਾਰ ਸੁਣੋ ? ਉ
